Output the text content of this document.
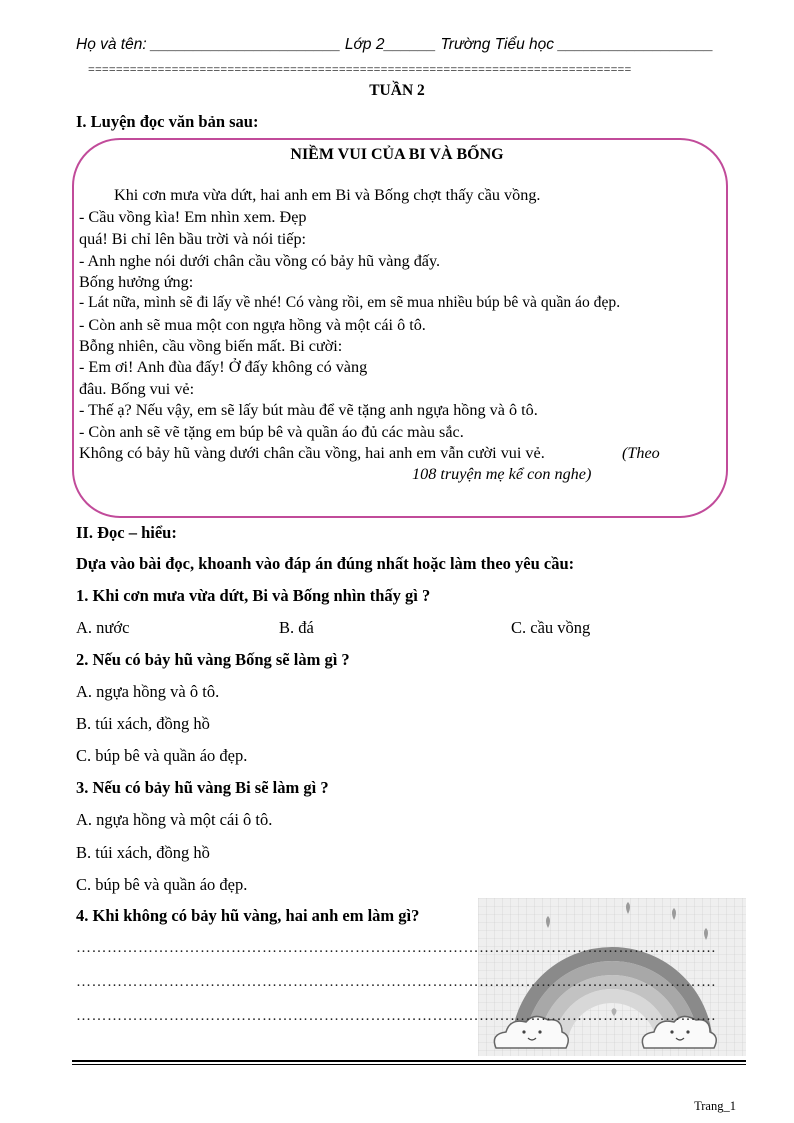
Họ và tên: ______________________ Lớp 2______ Trường Tiểu học __________________
==============================================================================
TUẦN 2
I. Luyện đọc văn bản sau:
NIỀM VUI CỦA BI VÀ BỐNG
Khi cơn mưa vừa dứt, hai anh em Bi và Bống chợt thấy cầu vồng.
- Cầu vồng kìa! Em nhìn xem. Đẹp
quá! Bi chỉ lên bầu trời và nói tiếp:
- Anh nghe nói dưới chân cầu vồng có bảy hũ vàng đấy.
Bống hưởng ứng:
- Lát nữa, mình sẽ đi lấy về nhé! Có vàng rồi, em sẽ mua nhiều búp bê và quần áo đẹp.
- Còn anh sẽ mua một con ngựa hồng và một cái ô tô.
Bỗng nhiên, cầu vồng biến mất. Bi cười:
- Em ơi! Anh đùa đấy! Ở đấy không có vàng
đâu. Bống vui vẻ:
- Thế ạ? Nếu vậy, em sẽ lấy bút màu để vẽ tặng anh ngựa hồng và ô tô.
- Còn anh sẽ vẽ tặng em búp bê và quần áo đủ các màu sắc.
Không có bảy hũ vàng dưới chân cầu vồng, hai anh em vẫn cười vui vẻ.	(Theo
108 truyện mẹ kể con nghe)
II. Đọc – hiểu:
Dựa vào bài đọc, khoanh vào đáp án đúng nhất hoặc làm theo yêu cầu:
1. Khi cơn mưa vừa dứt, Bi và Bống nhìn thấy gì ?
A. nước	B. đá	C. cầu vồng
2. Nếu có bảy hũ vàng Bống sẽ làm gì ?
A. ngựa hồng và ô tô.
B. túi xách, đồng hồ
C. búp bê và quần áo đẹp.
3. Nếu có bảy hũ vàng Bi sẽ làm gì ?
A. ngựa hồng và một cái ô tô.
B. túi xách, đồng hồ
C. búp bê và quần áo đẹp.
4. Khi không có bảy hũ vàng, hai anh em làm gì?
…………………………………………………………………………………………………………….
…………………………………………………………………………………………………………….
…………………………………………………………………………………………………………….
Trang_1
